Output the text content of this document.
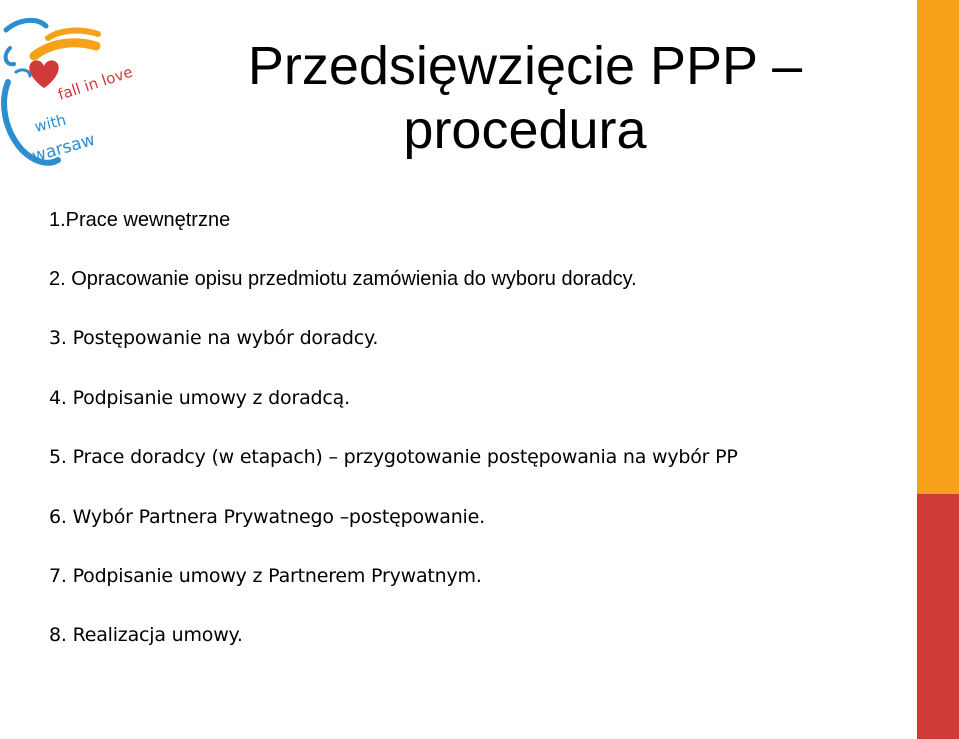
fall in love
with
warsaw
Przedsięwzięcie PPP –
procedura
1.Prace wewnętrzne
2. Opracowanie opisu przedmiotu zamówienia do wyboru doradcy.
3. Postępowanie na wybór doradcy.
4. Podpisanie umowy z doradcą.
5. Prace doradcy (w etapach) – przygotowanie postępowania na wybór PP
6. Wybór Partnera Prywatnego –postępowanie.
7. Podpisanie umowy z Partnerem Prywatnym.
8. Realizacja umowy.
